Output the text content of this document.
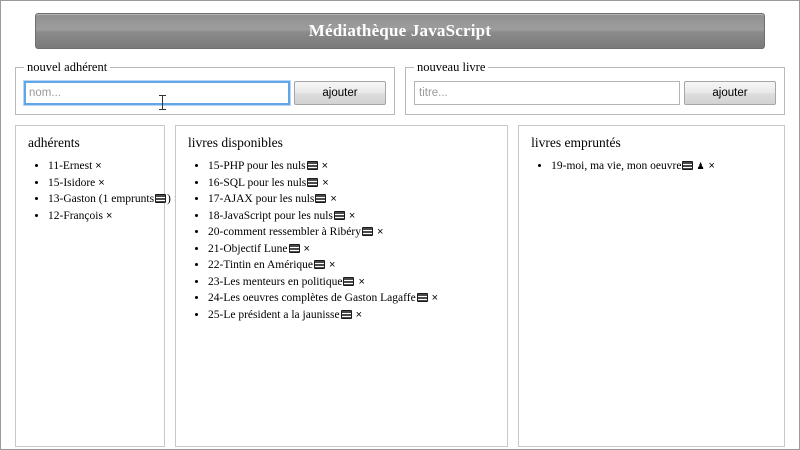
Médiathèque JavaScript
nouvel adhérent
nom...
ajouter
nouveau livre
titre...
ajouter
adhérents
• 11-Ernest ×
• 15-Isidore ×
• 13-Gaston (1 emprunts )
• 12-François ×
livres disponibles
• 15-PHP pour les nuls ×
• 16-SQL pour les nuls ×
• 17-AJAX pour les nuls ×
• 18-JavaScript pour les nuls ×
• 20-comment ressembler à Ribéry ×
• 21-Objectif Lune ×
• 22-Tintin en Amérique ×
• 23-Les menteurs en politique ×
• 24-Les oeuvres complètes de Gaston Lagaffe ×
• 25-Le président a la jaunisse ×
livres empruntés
• 19-moi, ma vie, mon oeuvre ♟ ×
